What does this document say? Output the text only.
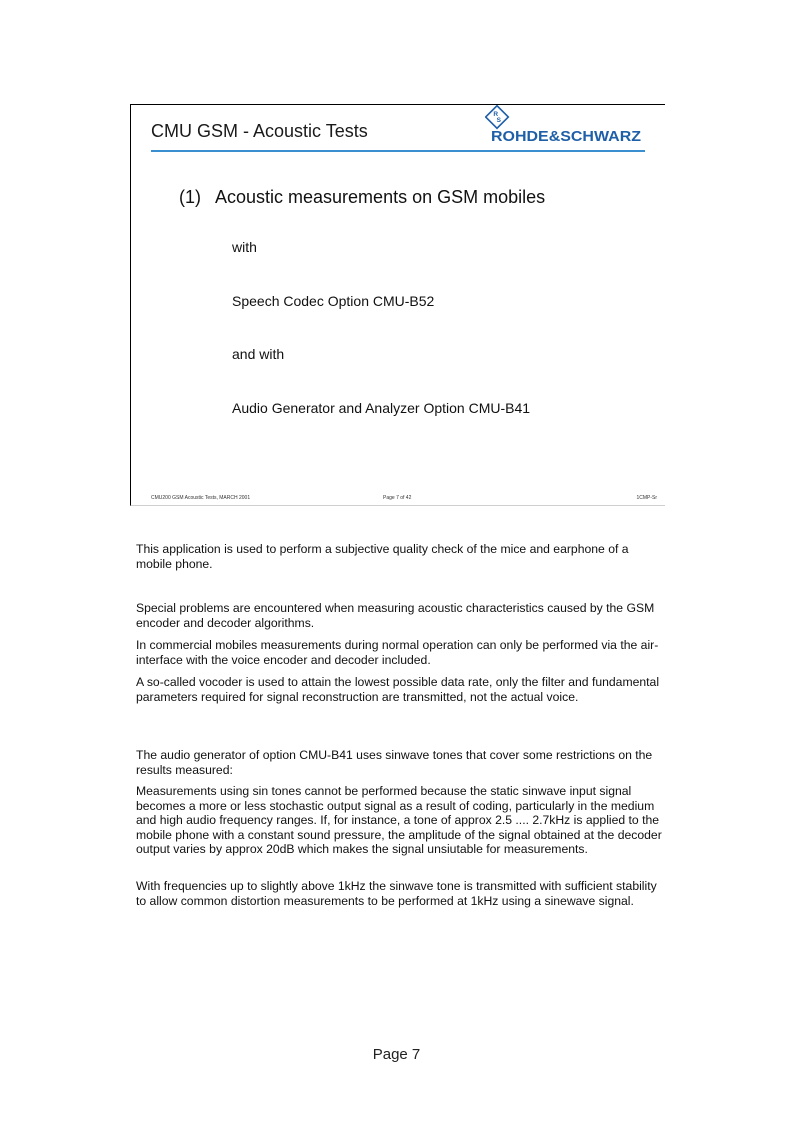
CMU GSM - Acoustic Tests
R
S
ROHDE&SCHWARZ
(1) Acoustic measurements on GSM mobiles
with
Speech Codec Option CMU-B52
and with
Audio Generator and Analyzer Option CMU-B41
CMU200 GSM Acoustic Tests, MARCH 2001	Page 7 of 42	1CMP-Sr

This application is used to perform a subjective quality check of the mice and earphone of a mobile phone.

Special problems are encountered when measuring acoustic characteristics caused by the GSM encoder and decoder algorithms.

In commercial mobiles measurements during normal operation can only be performed via the air-interface with the voice encoder and decoder included.

A so-called vocoder is used to attain the lowest possible data rate, only the filter and fundamental parameters required for signal reconstruction are transmitted, not the actual voice.

The audio generator of option CMU-B41 uses sinwave tones that cover some restrictions on the results measured:

Measurements using sin tones cannot be performed because the static sinwave input signal becomes a more or less stochastic output signal as a result of coding, particularly in the medium and high audio frequency ranges. If, for instance, a tone of approx 2.5 .... 2.7kHz is applied to the mobile phone with a constant sound pressure, the amplitude of the signal obtained at the decoder output varies by approx 20dB which makes the signal unsiutable for measurements.

With frequencies up to slightly above 1kHz the sinwave tone is transmitted with sufficient stability to allow common distortion measurements to be performed at 1kHz using a sinewave signal.

Page 7
